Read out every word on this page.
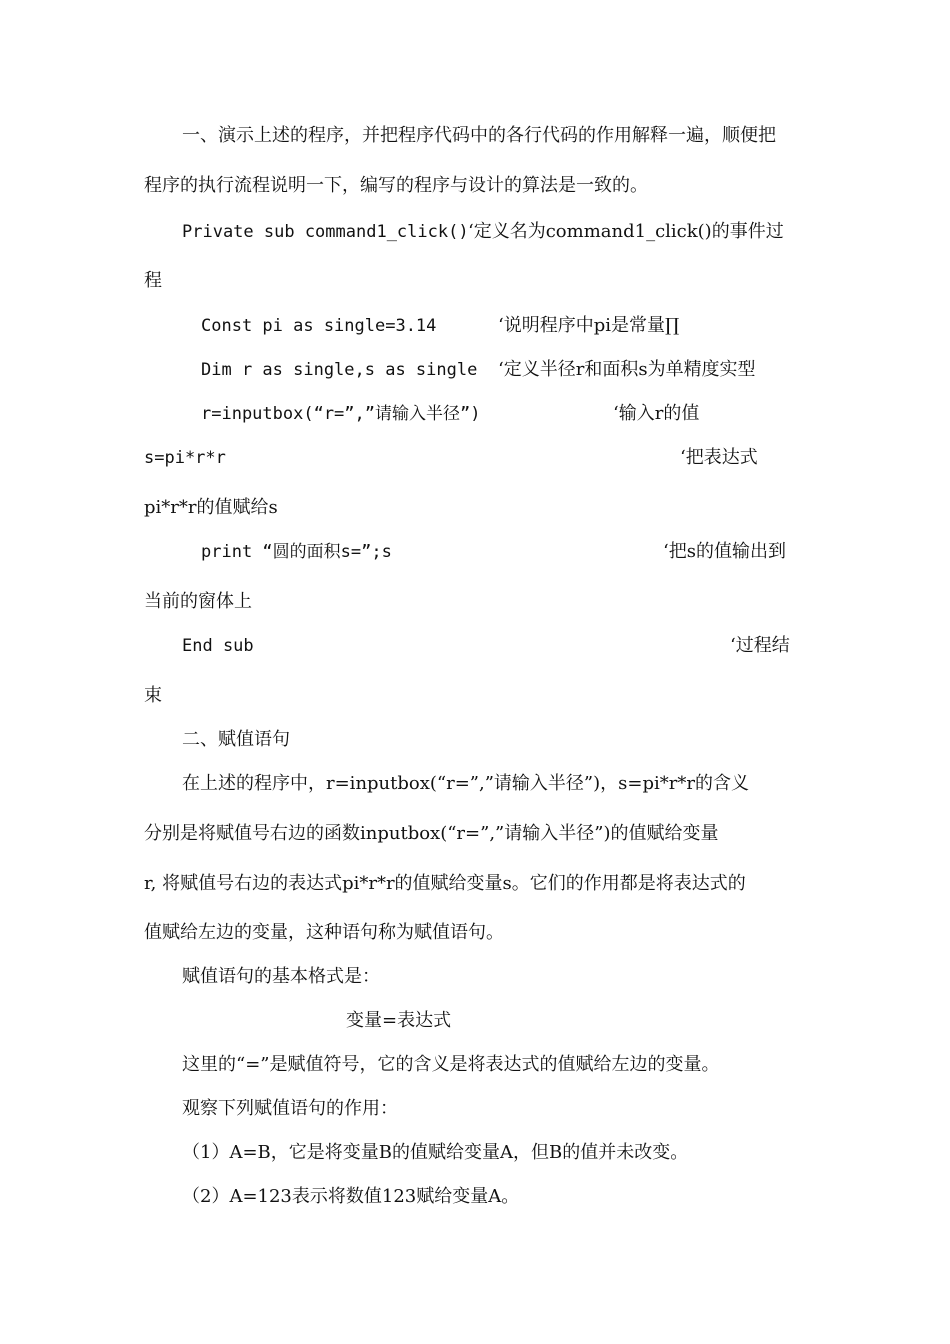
一、演示上述的程序，并把程序代码中的各行代码的作用解释一遍，顺便把
程序的执行流程说明一下，编写的程序与设计的算法是一致的。
Private sub command1_click() ‘定义名为command1_click()的事件过
程
Const pi as single=3.14	‘说明程序中pi是常量∏
Dim r as single,s as single ‘定义半径r和面积s为单精度实型
r=inputbox(“r=”,”请输入半径”)	‘输入r的值
s=pi*r*r	‘把表达式
pi*r*r的值赋给s
print “圆的面积s=”;s	‘把s的值输出到
当前的窗体上
End sub	‘过程结
束
二、赋值语句
在上述的程序中，r=inputbox(“r=”,”请输入半径”)，s=pi*r*r的含义
分别是将赋值号右边的函数inputbox(“r=”,”请输入半径”)的值赋给变量
r, 将赋值号右边的表达式pi*r*r的值赋给变量s。它们的作用都是将表达式的
值赋给左边的变量，这种语句称为赋值语句。
赋值语句的基本格式是：
变量=表达式
这里的“=”是赋值符号，它的含义是将表达式的值赋给左边的变量。
观察下列赋值语句的作用：
（1）A=B，它是将变量B的值赋给变量A，但B的值并未改变。
（2）A=123表示将数值123赋给变量A。
